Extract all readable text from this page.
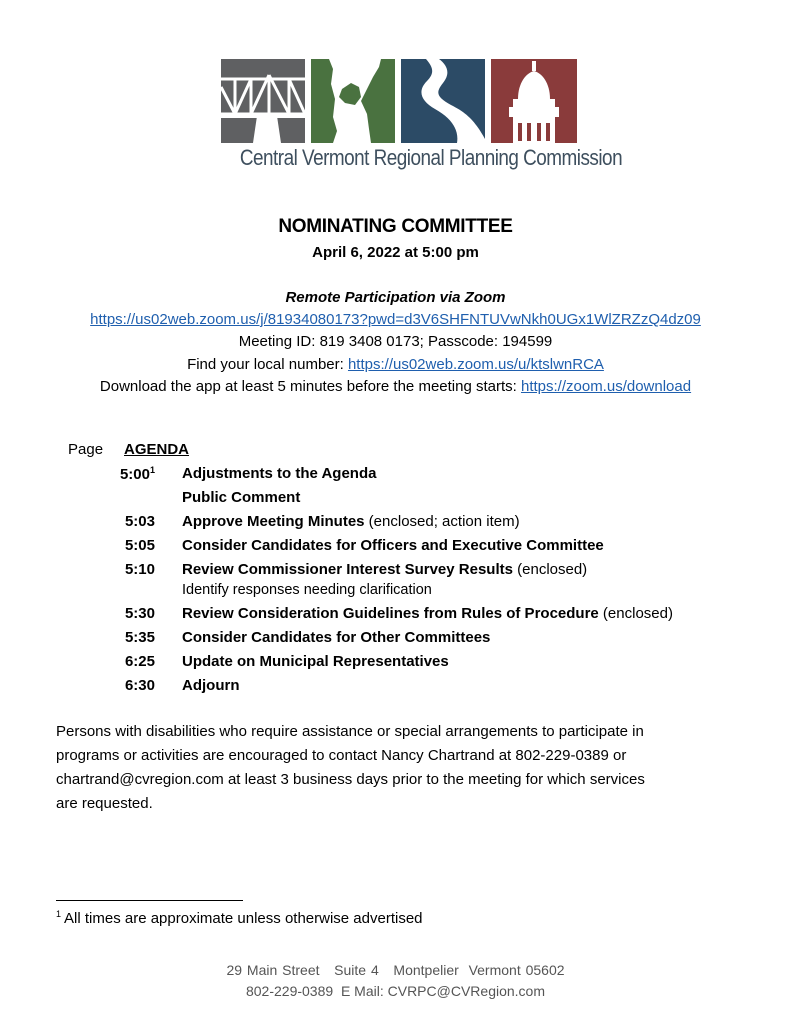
Central Vermont Regional Planning Commission
NOMINATING COMMITTEE
April 6, 2022 at 5:00 pm
Remote Participation via Zoom
https://us02web.zoom.us/j/81934080173?pwd=d3V6SHFNTUVwNkh0UGx1WlZRZzQ4dz09
Meeting ID: 819 3408 0173; Passcode: 194599
Find your local number: https://us02web.zoom.us/u/ktslwnRCA
Download the app at least 5 minutes before the meeting starts: https://zoom.us/download
Page AGENDA
$5:00^1$ Adjustments to the Agenda
Public Comment
5:03 Approve Meeting Minutes (enclosed; action item)
5:05 Consider Candidates for Officers and Executive Committee
5:10 Review Commissioner Interest Survey Results (enclosed)
Identify responses needing clarification
5:30 Review Consideration Guidelines from Rules of Procedure (enclosed)
5:35 Consider Candidates for Other Committees
6:25 Update on Municipal Representatives
6:30 Adjourn
Persons with disabilities who require assistance or special arrangements to participate in
programs or activities are encouraged to contact Nancy Chartrand at 802-229-0389 or
chartrand@cvregion.com at least 3 business days prior to the meeting for which services
are requested.
$^1$ All times are approximate unless otherwise advertised
29 Main Street   Suite 4   Montpelier  Vermont 05602
802-229-0389  E Mail: CVRPC@CVRegion.com
